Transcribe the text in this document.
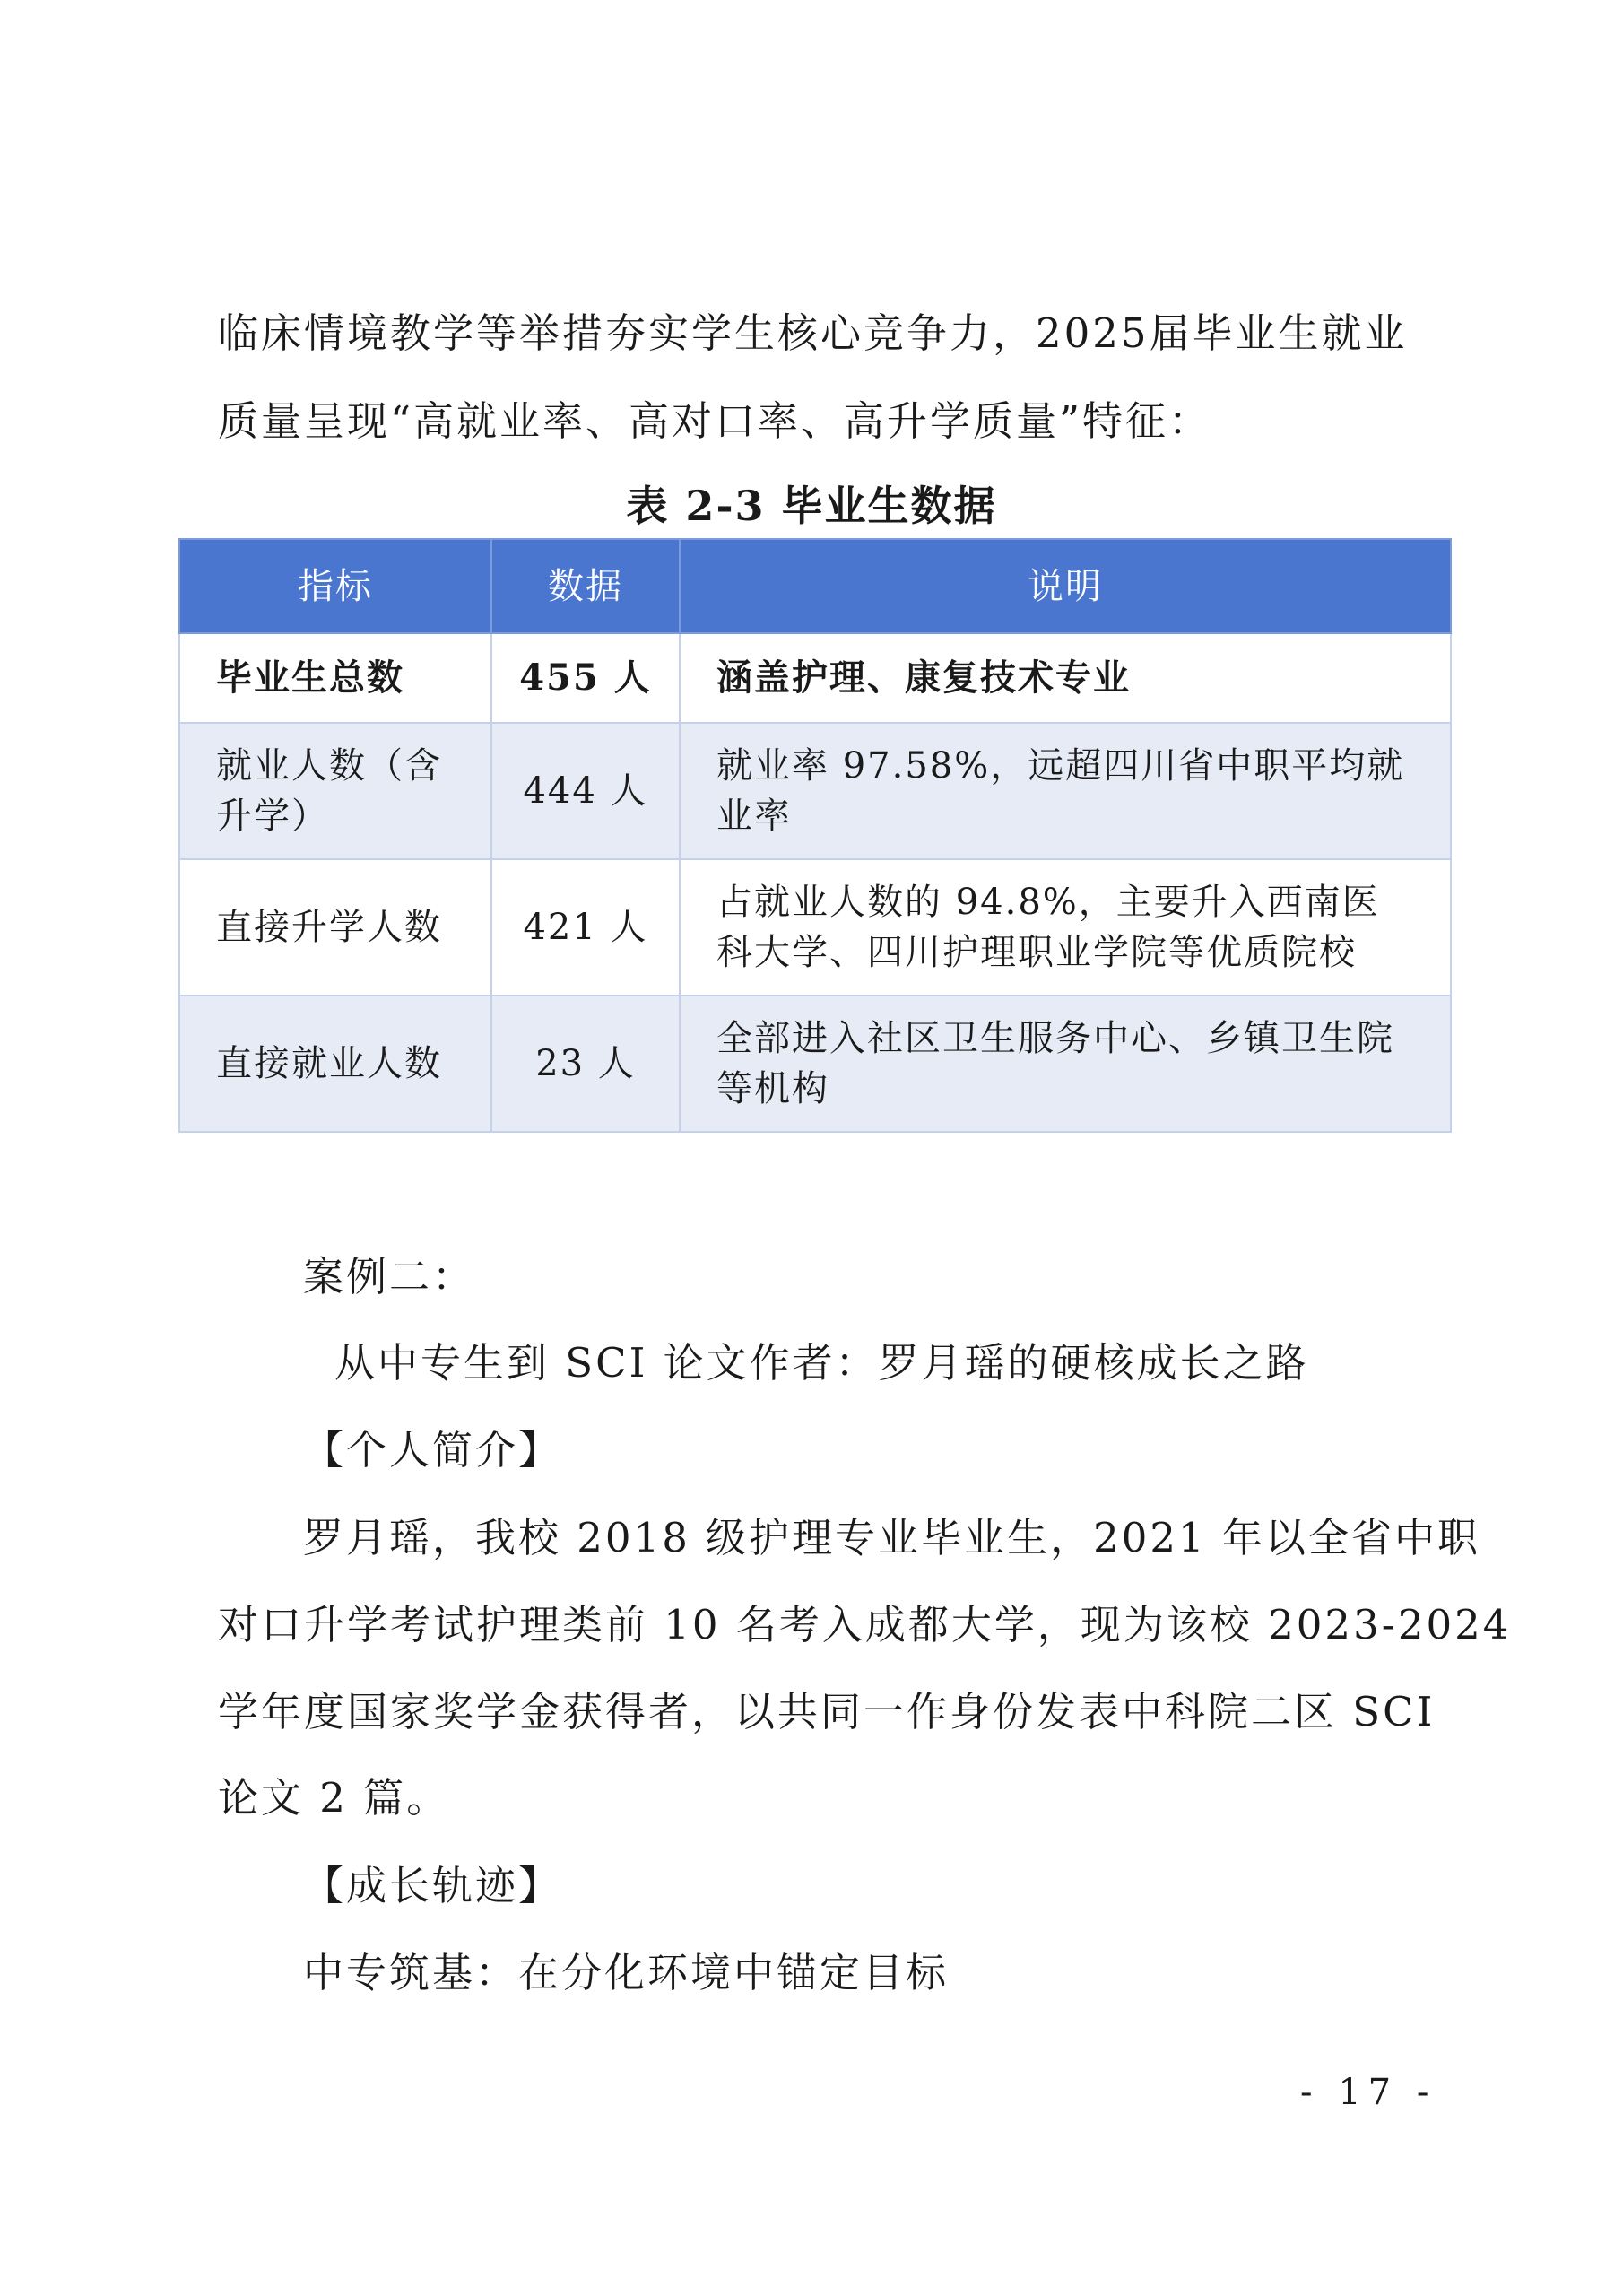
临床情境教学等举措夯实学生核心竞争力，2025届毕业生就业

质量呈现“高就业率、高对口率、高升学质量”特征：

表 2-3 毕业生数据
指标	数据	说明
毕业生总数	455 人	涵盖护理、康复技术专业
就业人数（含升学）	444 人	就业率 97.58%，远超四川省中职平均就业率
直接升学人数	421 人	占就业人数的 94.8%，主要升入西南医科大学、四川护理职业学院等优质院校
直接就业人数	23 人	全部进入社区卫生服务中心、乡镇卫生院等机构

案例二：

从中专生到 SCI 论文作者：罗月瑶的硬核成长之路

【个人简介】

罗月瑶，我校 2018 级护理专业毕业生，2021 年以全省中职

对口升学考试护理类前 10 名考入成都大学，现为该校 2023-2024

学年度国家奖学金获得者，以共同一作身份发表中科院二区 SCI

论文 2 篇。

【成长轨迹】

中专筑基：在分化环境中锚定目标

- 17 -
